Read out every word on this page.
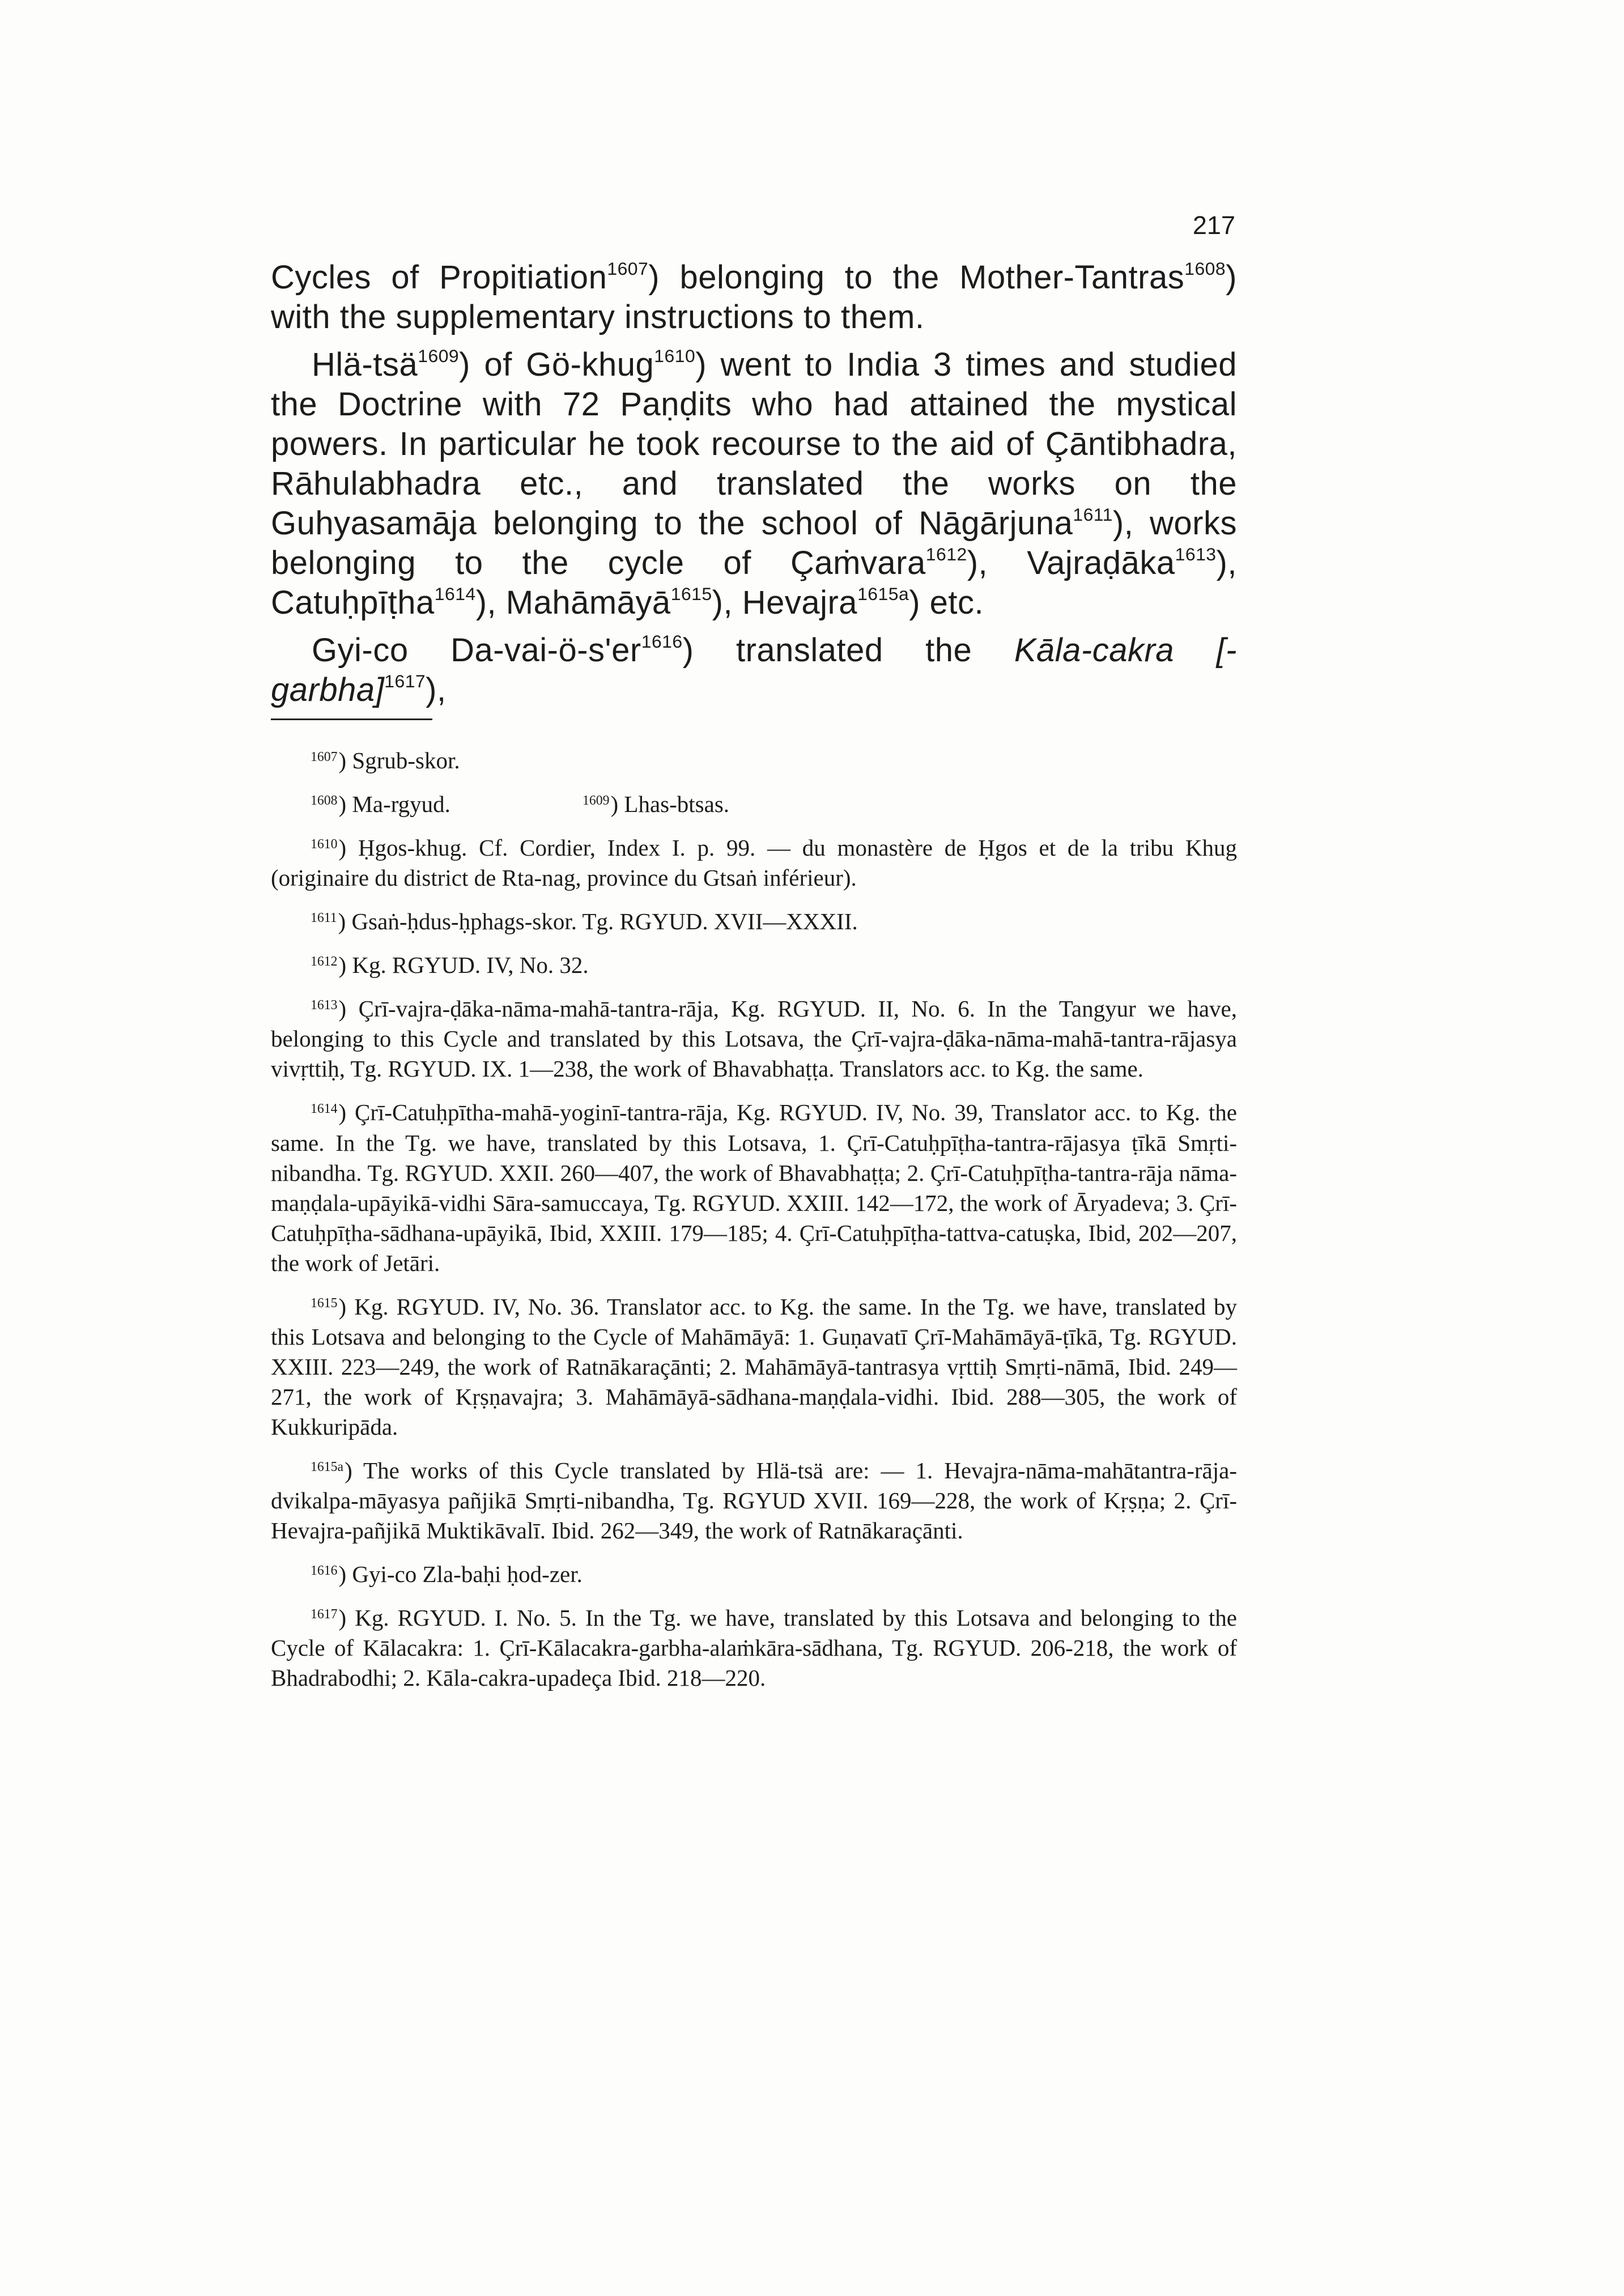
217

Cycles of Propitiation$^{1607}$) belonging to the Mother-Tantras$^{1608}$) with the supplementary instructions to them.

Hlä-tsä$^{1609}$) of Gö-khug$^{1610}$) went to India 3 times and studied the Doctrine with 72 Paṇḍits who had attained the mystical powers. In particular he took recourse to the aid of Çāntibhadra, Rāhulabhadra etc., and translated the works on the Guhyasamāja belonging to the school of Nāgārjuna$^{1611}$), works belonging to the cycle of Çaṁvara$^{1612}$), Vajraḍāka$^{1613}$), Catuḥpīṭha$^{1614}$), Mahāmāyā$^{1615}$), Hevajra$^{1615a}$) etc.

Gyi-co $Da-vai-ö-s'er^{1616}$) translated the Kāla-cakra [-garbha]$^{1617}$),

$^{1607}$) Sgrub-skor.

$^{1608}$) Ma-rgyud.	$^{1609}$) Lhas-btsas.

$^{1610}$) Ḥgos-khug. Cf. Cordier, Index I. p. 99. — du monastère de Ḥgos et de la tribu Khug (originaire du district de Rta-nag, province du Gtsaṅ inférieur).

$^{1611}$) Gsaṅ-ḥdus-ḥphags-skor. Tg. RGYUD. XVII—XXXII.

$^{1612}$) Kg. RGYUD. IV, No. 32.

$^{1613}$) Çrī-vajra-ḍāka-nāma-mahā-tantra-rāja, Kg. RGYUD. II, No. 6. In the Tangyur we have, belonging to this Cycle and translated by this Lotsava, the Çrī-vajra-ḍāka-nāma-mahā-tantra-rājasya vivṛttiḥ, Tg. RGYUD. IX. 1—238, the work of Bhavabhaṭṭa. Translators acc. to Kg. the same.

$^{1614}$) Çrī-Catuḥpītha-mahā-yoginī-tantra-rāja, Kg. RGYUD. IV, No. 39, Translator acc. to Kg. the same. In the Tg. we have, translated by this Lotsava, 1. Çrī-Catuḥpīṭha-tantra-rājasya ṭīkā Smṛti-nibandha. Tg. RGYUD. XXII. 260—407, the work of Bhavabhaṭṭa; 2. Çrī-Catuḥpīṭha-tantra-rāja nāma-maṇḍala-upāyikā-vidhi Sāra-samuccaya, Tg. RGYUD. XXIII. 142—172, the work of Āryadeva; 3. Çrī-Catuḥpīṭha-sādhana-upāyikā, Ibid, XXIII. 179—185; 4. Çrī-Catuḥpīṭha-tattva-catuṣka, Ibid, 202—207, the work of Jetāri.

$^{1615}$) Kg. RGYUD. IV, No. 36. Translator acc. to Kg. the same. In the Tg. we have, translated by this Lotsava and belonging to the Cycle of Mahāmāyā: 1. Guṇavatī Çrī-Mahāmāyā-ṭīkā, Tg. RGYUD. XXIII. 223—249, the work of Ratnākaraçānti; 2. Mahāmāyā-tantrasya vṛttiḥ Smṛti-nāmā, Ibid. 249—271, the work of Kṛṣṇavajra; 3. Mahāmāyā-sādhana-maṇḍala-vidhi. Ibid. 288—305, the work of Kukkuripāda.

$^{1615a}$) The works of this Cycle translated by Hlä-tsä are: — 1. Hevajra-nāma-mahātantra-rāja-dvikalpa-māyasya pañjikā Smṛti-nibandha, Tg. RGYUD XVII. 169—228, the work of Kṛṣṇa; 2. Çrī-Hevajra-pañjikā Muktikāvalī. Ibid. 262—349, the work of Ratnākaraçānti.

$^{1616}$) Gyi-co Zla-baḥi ḥod-zer.

$^{1617}$) Kg. RGYUD. I. No. 5. In the Tg. we have, translated by this Lotsava and belonging to the Cycle of Kālacakra: 1. Çrī-Kālacakra-garbha-alaṁkāra-sādhana, Tg. RGYUD. 206-218, the work of Bhadrabodhi; 2. Kāla-cakra-upadeça Ibid. 218—220.
